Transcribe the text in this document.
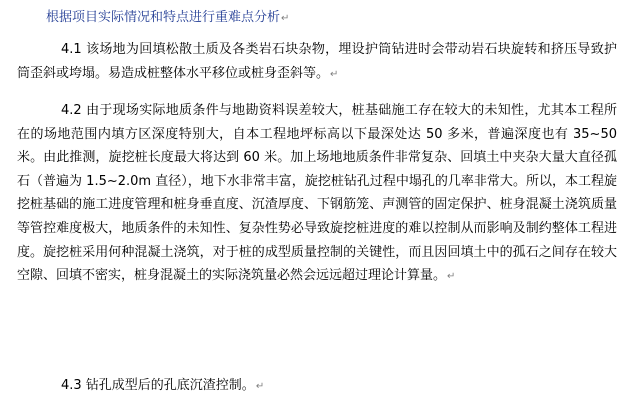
根据项目实际情况和特点进行重难点分析↵

4.1 该场地为回填松散土质及各类岩石块杂物，埋设护筒钻进时会带动岩石块旋转和挤压导致护筒歪斜或垮塌。易造成桩整体水平移位或桩身歪斜等。↵

4.2 由于现场实际地质条件与地勘资料误差较大，桩基础施工存在较大的未知性，尤其本工程所在的场地范围内填方区深度特别大，自本工程地坪标高以下最深处达 50 多米，普遍深度也有 35~50 米。由此推测，旋挖桩长度最大将达到 60 米。加上场地地质条件非常复杂、回填土中夹杂大量大直径孤石（普遍为 1.5~2.0m 直径），地下水非常丰富，旋挖桩钻孔过程中塌孔的几率非常大。所以，本工程旋挖桩基础的施工进度管理和桩身垂直度、沉渣厚度、下钢筋笼、声测管的固定保护、桩身混凝土浇筑质量等管控难度极大，地质条件的未知性、复杂性势必导致旋挖桩进度的难以控制从而影响及制约整体工程进度。旋挖桩采用何种混凝土浇筑，对于桩的成型质量控制的关键性，而且因回填土中的孤石之间存在较大空隙、回填不密实，桩身混凝土的实际浇筑量必然会远远超过理论计算量。↵

4.3 钻孔成型后的孔底沉渣控制。↵
